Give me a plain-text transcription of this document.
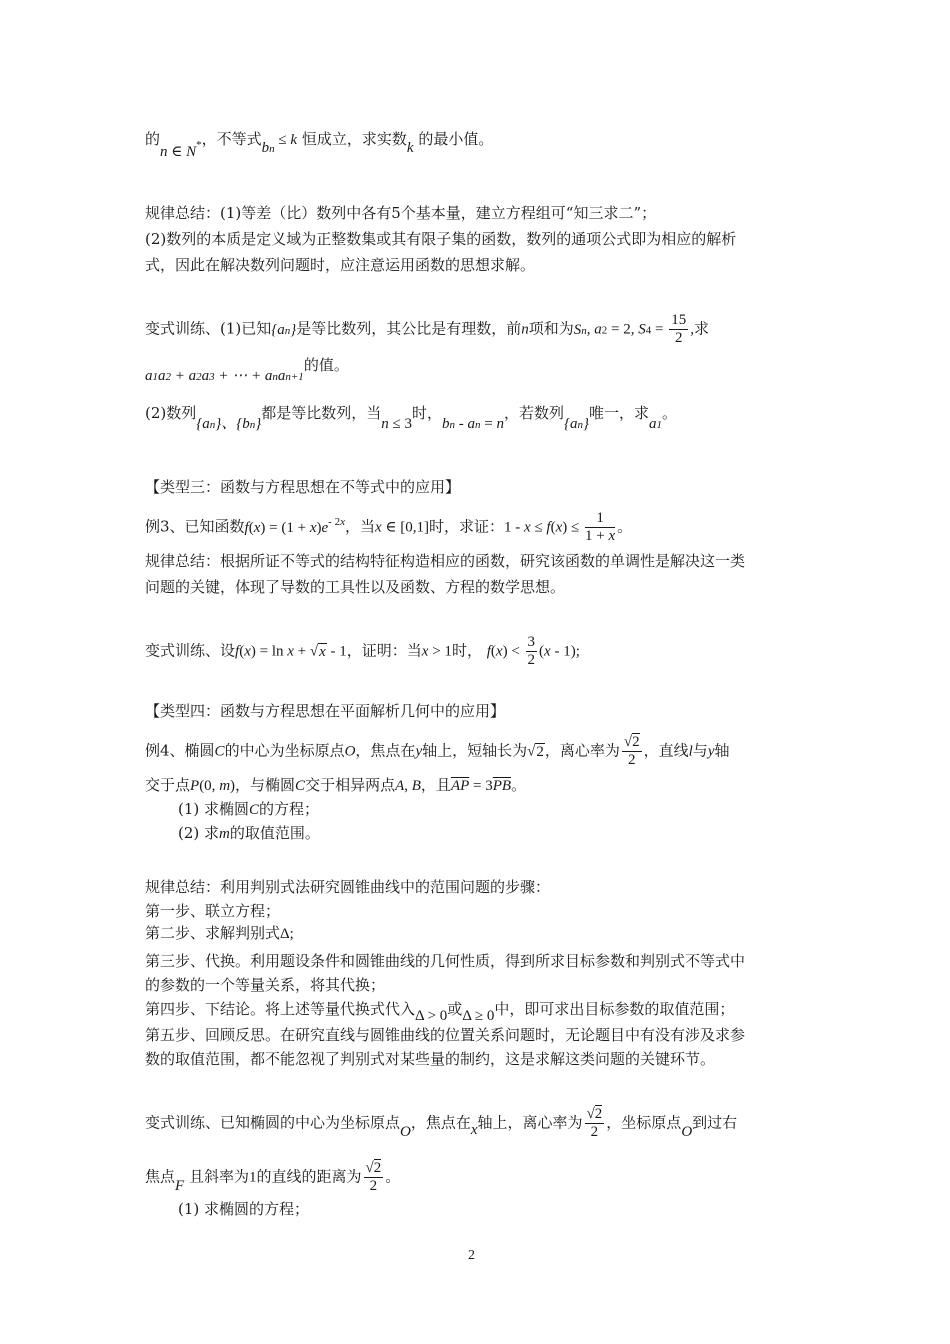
的n ∈ $N_*$，不等式bn ≤ k 恒成立，求实数k 的最小值。
规律总结：(1)等差（比）数列中各有5个基本量，建立方程组可“知三求二”；
(2)数列的本质是定义域为正整数集或其有限子集的函数，数列的通项公式即为相应的解析
式，因此在解决数列问题时，应注意运用函数的思想求解。
变式训练、(1)已知{an}是等比数列，其公比是有理数，前n项和为Sn, a2 = 2, $S4 = \frac{15}{2}$ ,求
a1a2 + a2a3 + ⋯ + anan+1的值。
(2)数列{an}、{bn}都是等比数列，当n ≤ 3时，bn - an = n，若数列{an}唯一，求a1。
【类型三：函数与方程思想在不等式中的应用】
例3、已知函数$f(x) = (1 + x)e^{- 2x}$，当x ∈ [0,1]时，求证：$1 - x \le f(x) \le \frac{1}{1 + x}$ 。
规律总结：根据所证不等式的结构特征构造相应的函数，研究该函数的单调性是解决这一类
问题的关键，体现了导数的工具性以及函数、方程的数学思想。
变式训练、设f(x) = ln x + √x - 1，证明：当x > 1时， $f(x) < \frac{3}{2} (x - 1)$;
【类型四：函数与方程思想在平面解析几何中的应用】
例4、椭圆C的中心为坐标原点O，焦点在y轴上，短轴长为√2，离心率为 $\frac{√2}{2}$ ，直线l与y轴
交于点P(0, m)，与椭圆C交于相异两点A, B，且$\overline{AP} = 3\overline{PB}$。
(1) 求椭圆C的方程；
(2) 求m的取值范围。
规律总结：利用判别式法研究圆锥曲线中的范围问题的步骤：
第一步、联立方程；
第二步、求解判别式Δ;
第三步、代换。利用题设条件和圆锥曲线的几何性质，得到所求目标参数和判别式不等式中
的参数的一个等量关系，将其代换；
第四步、下结论。将上述等量代换式代入Δ > 0或Δ ≥ 0中，即可求出目标参数的取值范围；
第五步、回顾反思。在研究直线与圆锥曲线的位置关系问题时，无论题目中有没有涉及求参
数的取值范围，都不能忽视了判别式对某些量的制约，这是求解这类问题的关键环节。
变式训练、已知椭圆的中心为坐标原点O，焦点在x轴上，离心率为 $\frac{√2}{2}$ ，坐标原点O到过右
焦点F 且斜率为1的直线的距离为 $\frac{√2}{2}$ 。
(1) 求椭圆的方程；
2
